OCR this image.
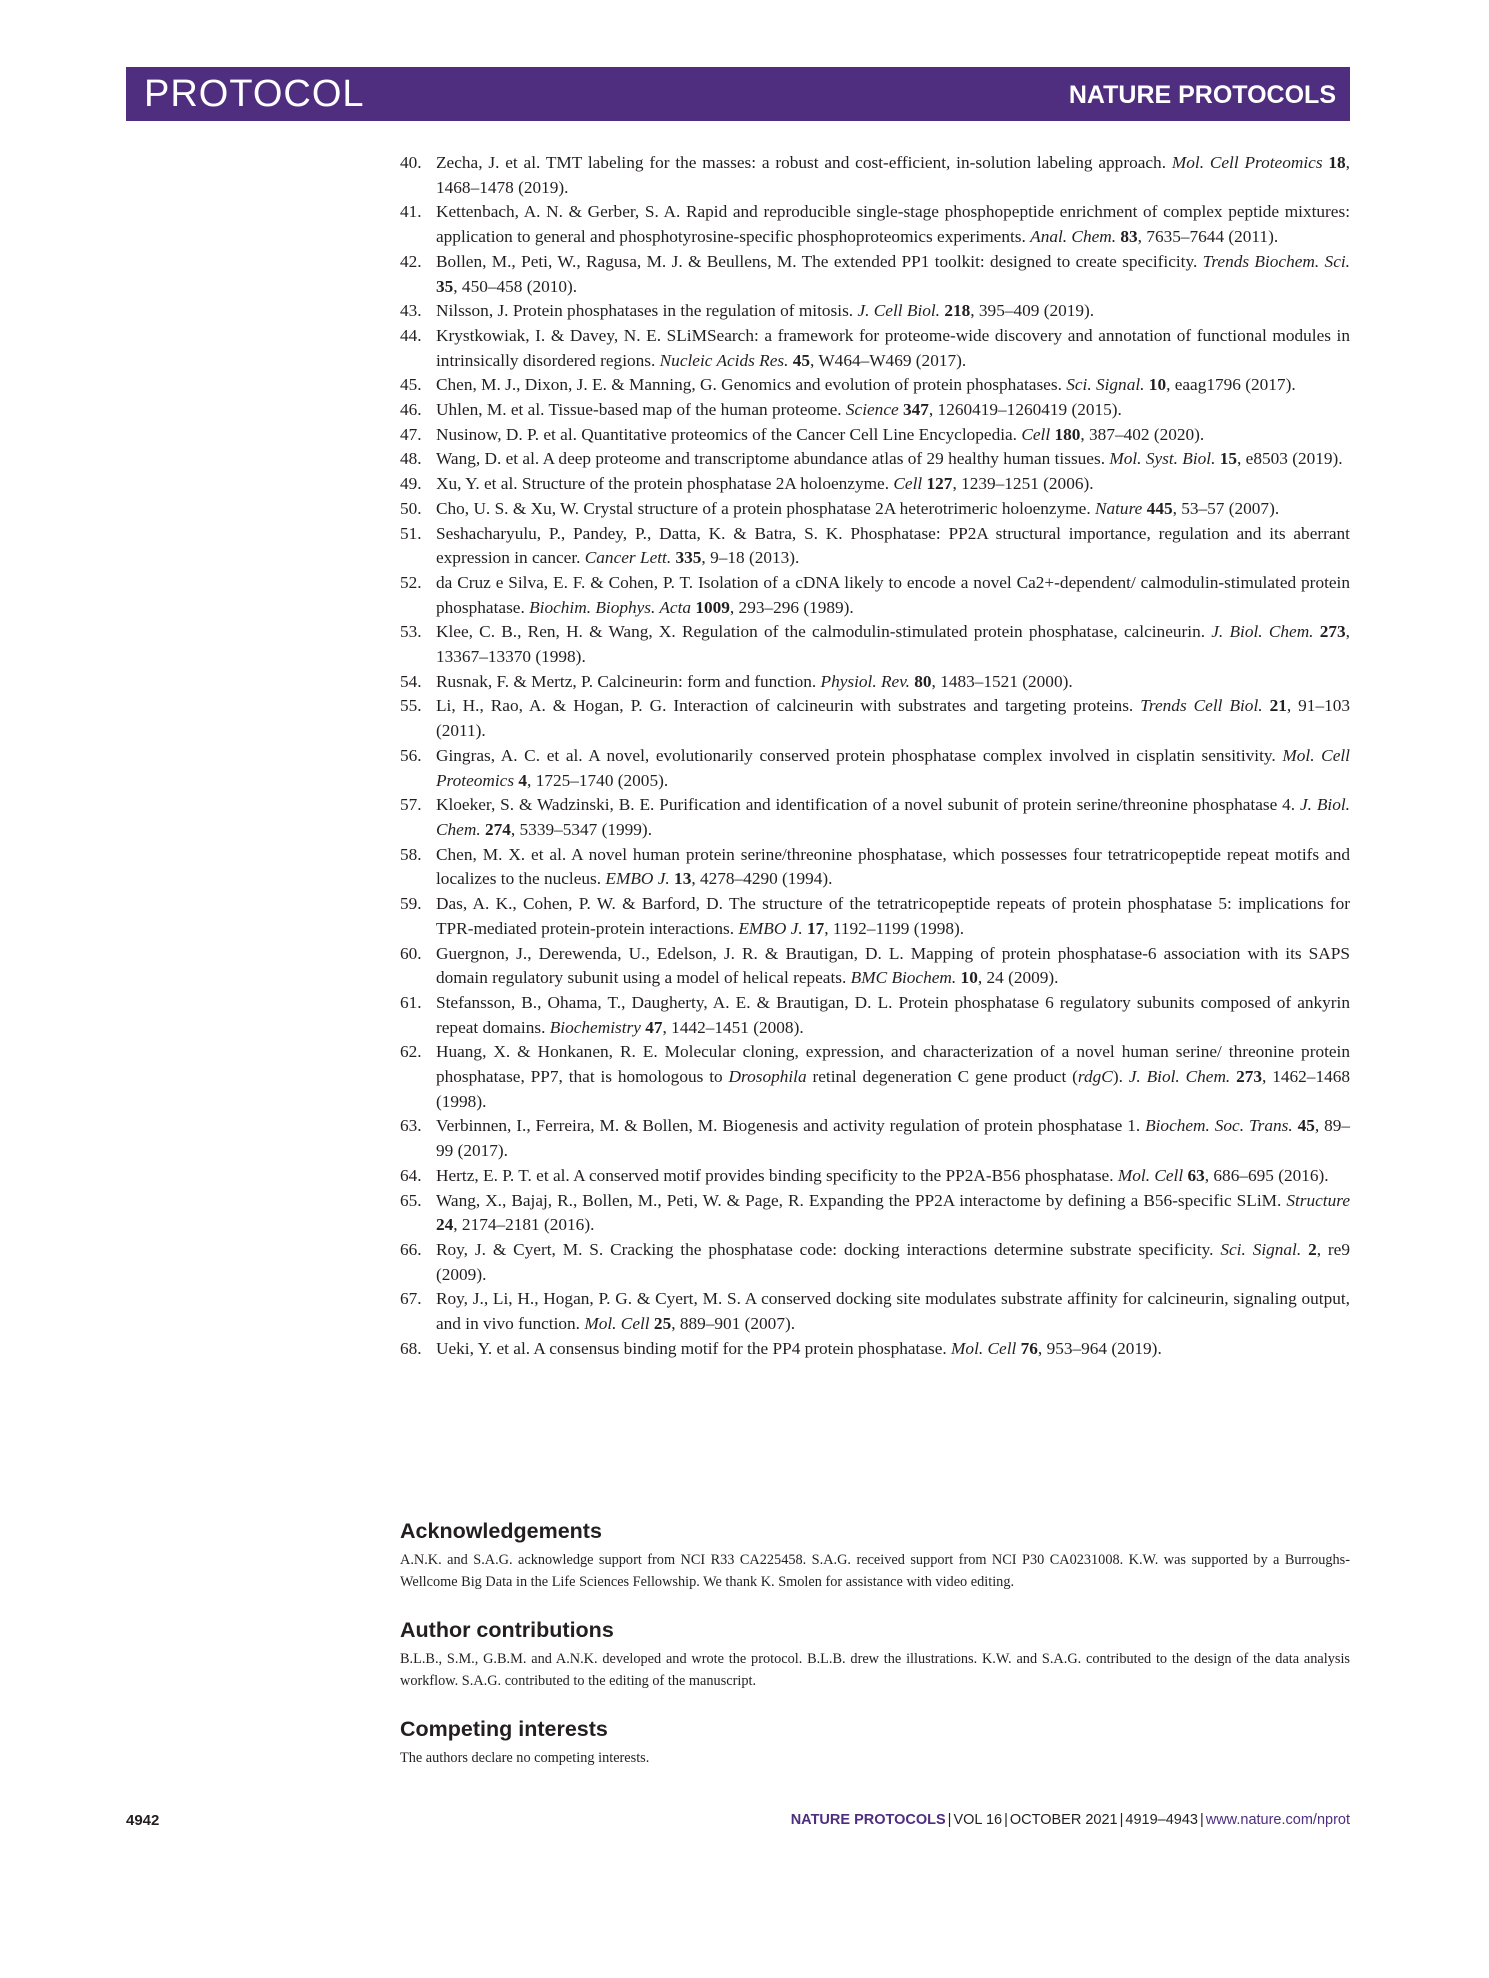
PROTOCOL	NATURE PROTOCOLS
40. Zecha, J. et al. TMT labeling for the masses: a robust and cost-efficient, in-solution labeling approach. Mol. Cell Proteomics 18, 1468–1478 (2019).
41. Kettenbach, A. N. & Gerber, S. A. Rapid and reproducible single-stage phosphopeptide enrichment of complex peptide mixtures: application to general and phosphotyrosine-specific phosphoproteomics experiments. Anal. Chem. 83, 7635–7644 (2011).
42. Bollen, M., Peti, W., Ragusa, M. J. & Beullens, M. The extended PP1 toolkit: designed to create specificity. Trends Biochem. Sci. 35, 450–458 (2010).
43. Nilsson, J. Protein phosphatases in the regulation of mitosis. J. Cell Biol. 218, 395–409 (2019).
44. Krystkowiak, I. & Davey, N. E. SLiMSearch: a framework for proteome-wide discovery and annotation of functional modules in intrinsically disordered regions. Nucleic Acids Res. 45, W464–W469 (2017).
45. Chen, M. J., Dixon, J. E. & Manning, G. Genomics and evolution of protein phosphatases. Sci. Signal. 10, eaag1796 (2017).
46. Uhlen, M. et al. Tissue-based map of the human proteome. Science 347, 1260419–1260419 (2015).
47. Nusinow, D. P. et al. Quantitative proteomics of the Cancer Cell Line Encyclopedia. Cell 180, 387–402 (2020).
48. Wang, D. et al. A deep proteome and transcriptome abundance atlas of 29 healthy human tissues. Mol. Syst. Biol. 15, e8503 (2019).
49. Xu, Y. et al. Structure of the protein phosphatase 2A holoenzyme. Cell 127, 1239–1251 (2006).
50. Cho, U. S. & Xu, W. Crystal structure of a protein phosphatase 2A heterotrimeric holoenzyme. Nature 445, 53–57 (2007).
51. Seshacharyulu, P., Pandey, P., Datta, K. & Batra, S. K. Phosphatase: PP2A structural importance, regulation and its aberrant expression in cancer. Cancer Lett. 335, 9–18 (2013).
52. da Cruz e Silva, E. F. & Cohen, P. T. Isolation of a cDNA likely to encode a novel Ca2+-dependent/ calmodulin-stimulated protein phosphatase. Biochim. Biophys. Acta 1009, 293–296 (1989).
53. Klee, C. B., Ren, H. & Wang, X. Regulation of the calmodulin-stimulated protein phosphatase, calcineurin. J. Biol. Chem. 273, 13367–13370 (1998).
54. Rusnak, F. & Mertz, P. Calcineurin: form and function. Physiol. Rev. 80, 1483–1521 (2000).
55. Li, H., Rao, A. & Hogan, P. G. Interaction of calcineurin with substrates and targeting proteins. Trends Cell Biol. 21, 91–103 (2011).
56. Gingras, A. C. et al. A novel, evolutionarily conserved protein phosphatase complex involved in cisplatin sensitivity. Mol. Cell Proteomics 4, 1725–1740 (2005).
57. Kloeker, S. & Wadzinski, B. E. Purification and identification of a novel subunit of protein serine/threonine phosphatase 4. J. Biol. Chem. 274, 5339–5347 (1999).
58. Chen, M. X. et al. A novel human protein serine/threonine phosphatase, which possesses four tetratricopeptide repeat motifs and localizes to the nucleus. EMBO J. 13, 4278–4290 (1994).
59. Das, A. K., Cohen, P. W. & Barford, D. The structure of the tetratricopeptide repeats of protein phosphatase 5: implications for TPR-mediated protein-protein interactions. EMBO J. 17, 1192–1199 (1998).
60. Guergnon, J., Derewenda, U., Edelson, J. R. & Brautigan, D. L. Mapping of protein phosphatase-6 association with its SAPS domain regulatory subunit using a model of helical repeats. BMC Biochem. 10, 24 (2009).
61. Stefansson, B., Ohama, T., Daugherty, A. E. & Brautigan, D. L. Protein phosphatase 6 regulatory subunits composed of ankyrin repeat domains. Biochemistry 47, 1442–1451 (2008).
62. Huang, X. & Honkanen, R. E. Molecular cloning, expression, and characterization of a novel human serine/ threonine protein phosphatase, PP7, that is homologous to Drosophila retinal degeneration C gene product (rdgC). J. Biol. Chem. 273, 1462–1468 (1998).
63. Verbinnen, I., Ferreira, M. & Bollen, M. Biogenesis and activity regulation of protein phosphatase 1. Biochem. Soc. Trans. 45, 89–99 (2017).
64. Hertz, E. P. T. et al. A conserved motif provides binding specificity to the PP2A-B56 phosphatase. Mol. Cell 63, 686–695 (2016).
65. Wang, X., Bajaj, R., Bollen, M., Peti, W. & Page, R. Expanding the PP2A interactome by defining a B56-specific SLiM. Structure 24, 2174–2181 (2016).
66. Roy, J. & Cyert, M. S. Cracking the phosphatase code: docking interactions determine substrate specificity. Sci. Signal. 2, re9 (2009).
67. Roy, J., Li, H., Hogan, P. G. & Cyert, M. S. A conserved docking site modulates substrate affinity for calcineurin, signaling output, and in vivo function. Mol. Cell 25, 889–901 (2007).
68. Ueki, Y. et al. A consensus binding motif for the PP4 protein phosphatase. Mol. Cell 76, 953–964 (2019).
Acknowledgements

A.N.K. and S.A.G. acknowledge support from NCI R33 CA225458. S.A.G. received support from NCI P30 CA0231008. K.W. was supported by a Burroughs-Wellcome Big Data in the Life Sciences Fellowship. We thank K. Smolen for assistance with video editing.

Author contributions

B.L.B., S.M., G.B.M. and A.N.K. developed and wrote the protocol. B.L.B. drew the illustrations. K.W. and S.A.G. contributed to the design of the data analysis workflow. S.A.G. contributed to the editing of the manuscript.

Competing interests

The authors declare no competing interests.

4942	NATURE PROTOCOLS | VOL 16 | OCTOBER 2021 | 4919–4943 | www.nature.com/nprot
